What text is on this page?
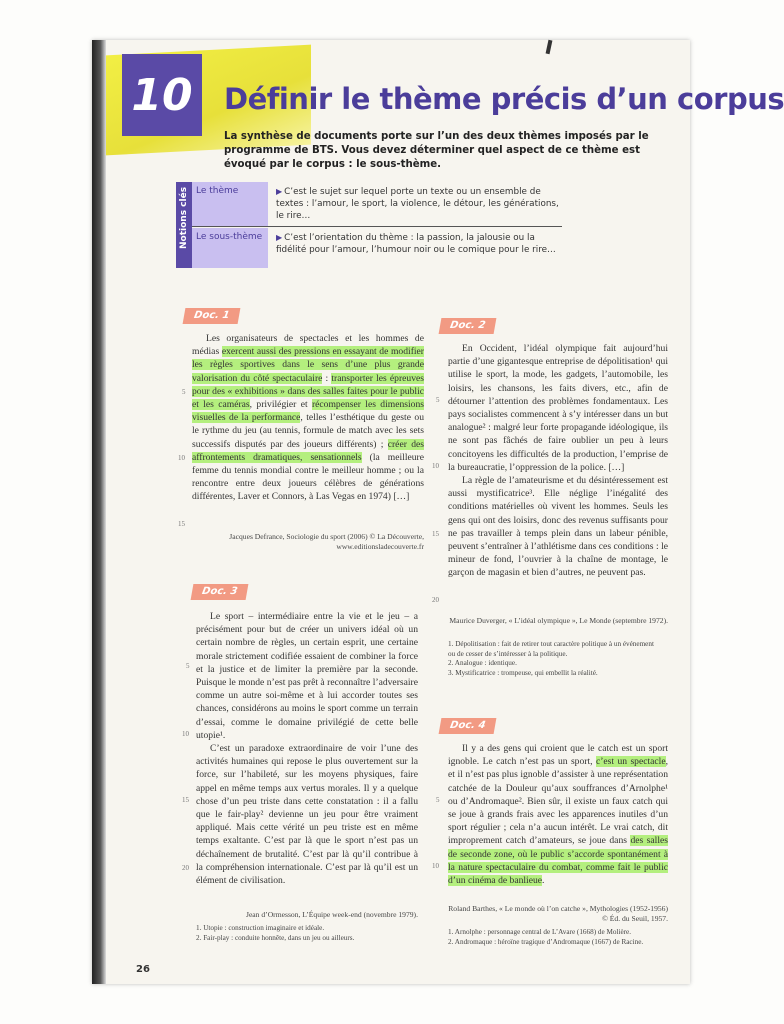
10	Définir le thème précis d’un corpus
La synthèse de documents porte sur l’un des deux thèmes imposés par le programme de BTS. Vous devez déterminer quel aspect de ce thème est évoqué par le corpus : le sous-thème.
Notions clés Le thème	▶ C’est le sujet sur lequel porte un texte ou un ensemble de textes : l’amour, le sport, la violence, le détour, les générations, le rire…
Le sous-thème	▶ C’est l’orientation du thème : la passion, la jalousie ou la fidélité pour l’amour, l’humour noir ou le comique pour le rire…
Doc. 1

Les organisateurs de spectacles et les hommes de médias exercent aussi des pressions en essayant de modifier les règles sportives dans le sens d’une plus grande valorisation du côté spectaculaire : transporter les épreuves pour des « exhibitions » dans des salles faites pour le public et les caméras, privilégier et récompenser les dimensions visuelles de la performance, telles l’esthétique du geste ou le rythme du jeu (au tennis, formule de match avec les sets successifs disputés par des joueurs différents) ; créer des affrontements dramatiques, sensationnels (la meilleure femme du tennis mondial contre le meilleur homme ; ou la rencontre entre deux joueurs célèbres de générations différentes, Laver et Connors, à Las Vegas en 1974) […]

5
10
15
Jacques Defrance, Sociologie du sport (2006) © La Découverte, www.editionsladecouverte.fr
Doc. 2

En Occident, l’idéal olympique fait aujourd’hui partie d’une gigantesque entreprise de dépolitisation¹ qui utilise le sport, la mode, les gadgets, l’automobile, les loisirs, les chansons, les faits divers, etc., afin de détourner l’attention des problèmes fondamentaux. Les pays socialistes commencent à s’y intéresser dans un but analogue² : malgré leur forte propagande idéologique, ils ne sont pas fâchés de faire oublier un peu à leurs concitoyens les difficultés de la production, l’emprise de la bureaucratie, l’oppression de la police. […]

La règle de l’amateurisme et du désintéressement est aussi mystificatrice³. Elle néglige l’inégalité des conditions matérielles où vivent les hommes. Seuls les gens qui ont des loisirs, donc des revenus suffisants pour ne pas travailler à temps plein dans un labeur pénible, peuvent s’entraîner à l’athlétisme dans ces conditions : le mineur de fond, l’ouvrier à la chaîne de montage, le garçon de magasin et bien d’autres, ne peuvent pas.

5
10
15
20
Maurice Duverger, « L’idéal olympique », Le Monde (septembre 1972).
1. Dépolitisation : fait de retirer tout caractère politique à un événement ou de cesser de s’intéresser à la politique.
2. Analogue : identique.
3. Mystificatrice : trompeuse, qui embellit la réalité.
Doc. 3

Le sport – intermédiaire entre la vie et le jeu – a précisément pour but de créer un univers idéal où un certain nombre de règles, un certain esprit, une certaine morale strictement codifiée essaient de combiner la force et la justice et de limiter la première par la seconde. Puisque le monde n’est pas prêt à reconnaître l’adversaire comme un autre soi-même et à lui accorder toutes ses chances, considérons au moins le sport comme un terrain d’essai, comme le domaine privilégié de cette belle utopie¹.

C’est un paradoxe extraordinaire de voir l’une des activités humaines qui repose le plus ouvertement sur la force, sur l’habileté, sur les moyens physiques, faire appel en même temps aux vertus morales. Il y a quelque chose d’un peu triste dans cette constatation : il a fallu que le fair-play² devienne un jeu pour être vraiment appliqué. Mais cette vérité un peu triste est en même temps exaltante. C’est par là que le sport n’est pas un déchaînement de brutalité. C’est par là qu’il contribue à la compréhension internationale. C’est par là qu’il est un élément de civilisation.

5
10
15
20
Jean d’Ormesson, L’Équipe week-end (novembre 1979).
1. Utopie : construction imaginaire et idéale.
2. Fair-play : conduite honnête, dans un jeu ou ailleurs.
Doc. 4

Il y a des gens qui croient que le catch est un sport ignoble. Le catch n’est pas un sport, c’est un spectacle, et il n’est pas plus ignoble d’assister à une représentation catchée de la Douleur qu’aux souffrances d’Arnolphe¹ ou d’Andromaque². Bien sûr, il existe un faux catch qui se joue à grands frais avec les apparences inutiles d’un sport régulier ; cela n’a aucun intérêt. Le vrai catch, dit improprement catch d’amateurs, se joue dans des salles de seconde zone, où le public s’accorde spontanément à la nature spectaculaire du combat, comme fait le public d’un cinéma de banlieue.

5
10
Roland Barthes, « Le monde où l’on catche », Mythologies (1952-1956) © Éd. du Seuil, 1957.
1. Arnolphe : personnage central de L’Avare (1668) de Molière.
2. Andromaque : héroïne tragique d’Andromaque (1667) de Racine.
26
